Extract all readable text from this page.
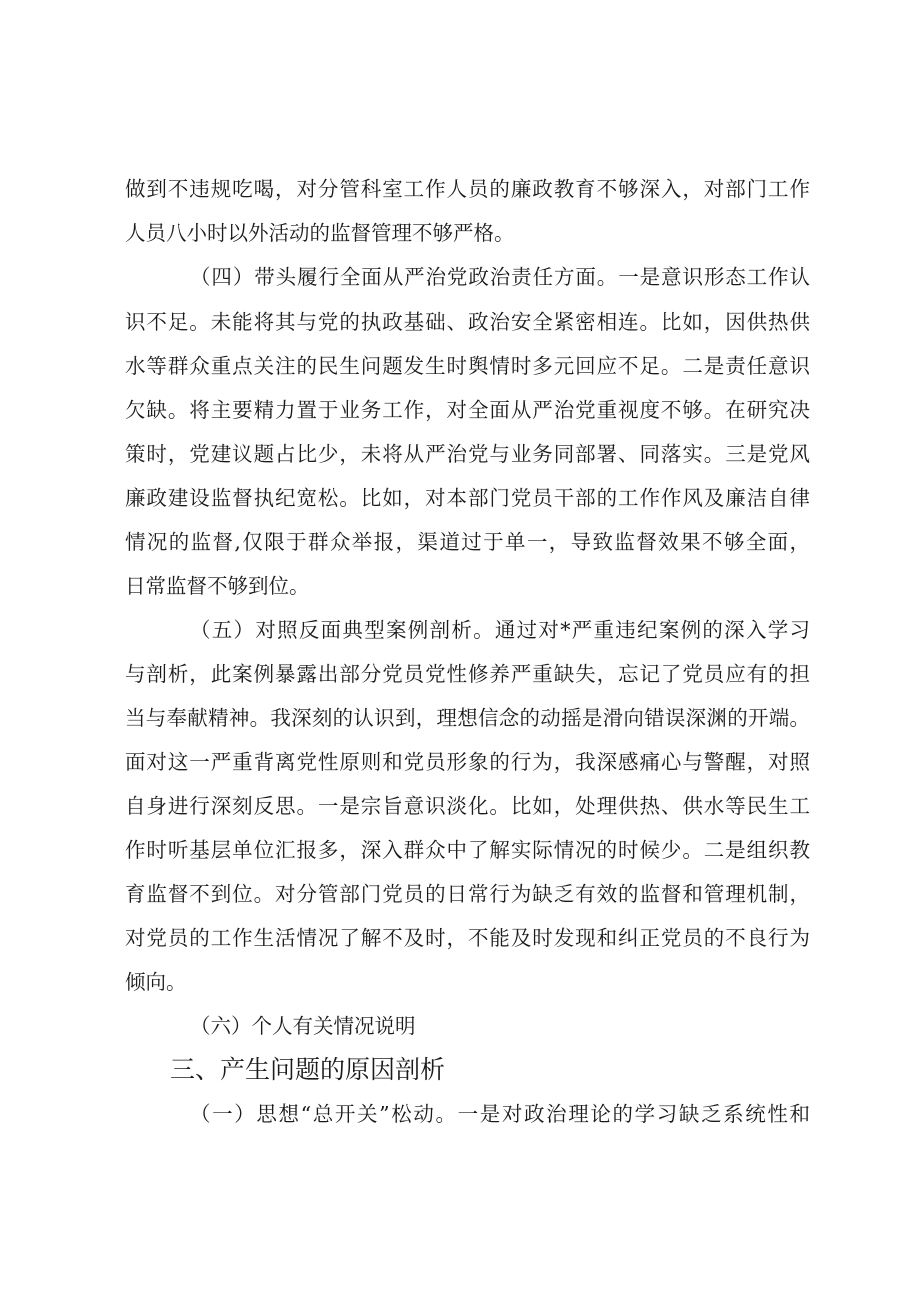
做到不违规吃喝，对分管科室工作人员的廉政教育不够深入，对部门工作
人员八小时以外活动的监督管理不够严格。
（四）带头履行全面从严治党政治责任方面。一是意识形态工作认
识不足。未能将其与党的执政基础、政治安全紧密相连。比如，因供热供
水等群众重点关注的民生问题发生时舆情时多元回应不足。二是责任意识
欠缺。将主要精力置于业务工作，对全面从严治党重视度不够。在研究决
策时，党建议题占比少，未将从严治党与业务同部署、同落实。三是党风
廉政建设监督执纪宽松。比如，对本部门党员干部的工作作风及廉洁自律
情况的监督,仅限于群众举报，渠道过于单一，导致监督效果不够全面，
日常监督不够到位。
（五）对照反面典型案例剖析。通过对*严重违纪案例的深入学习
与剖析，此案例暴露出部分党员党性修养严重缺失，忘记了党员应有的担
当与奉献精神。我深刻的认识到，理想信念的动摇是滑向错误深渊的开端。
面对这一严重背离党性原则和党员形象的行为，我深感痛心与警醒，对照
自身进行深刻反思。一是宗旨意识淡化。比如，处理供热、供水等民生工
作时听基层单位汇报多，深入群众中了解实际情况的时候少。二是组织教
育监督不到位。对分管部门党员的日常行为缺乏有效的监督和管理机制，
对党员的工作生活情况了解不及时，不能及时发现和纠正党员的不良行为
倾向。
（六）个人有关情况说明
三、产生问题的原因剖析
（一）思想“总开关”松动。一是对政治理论的学习缺乏系统性和
